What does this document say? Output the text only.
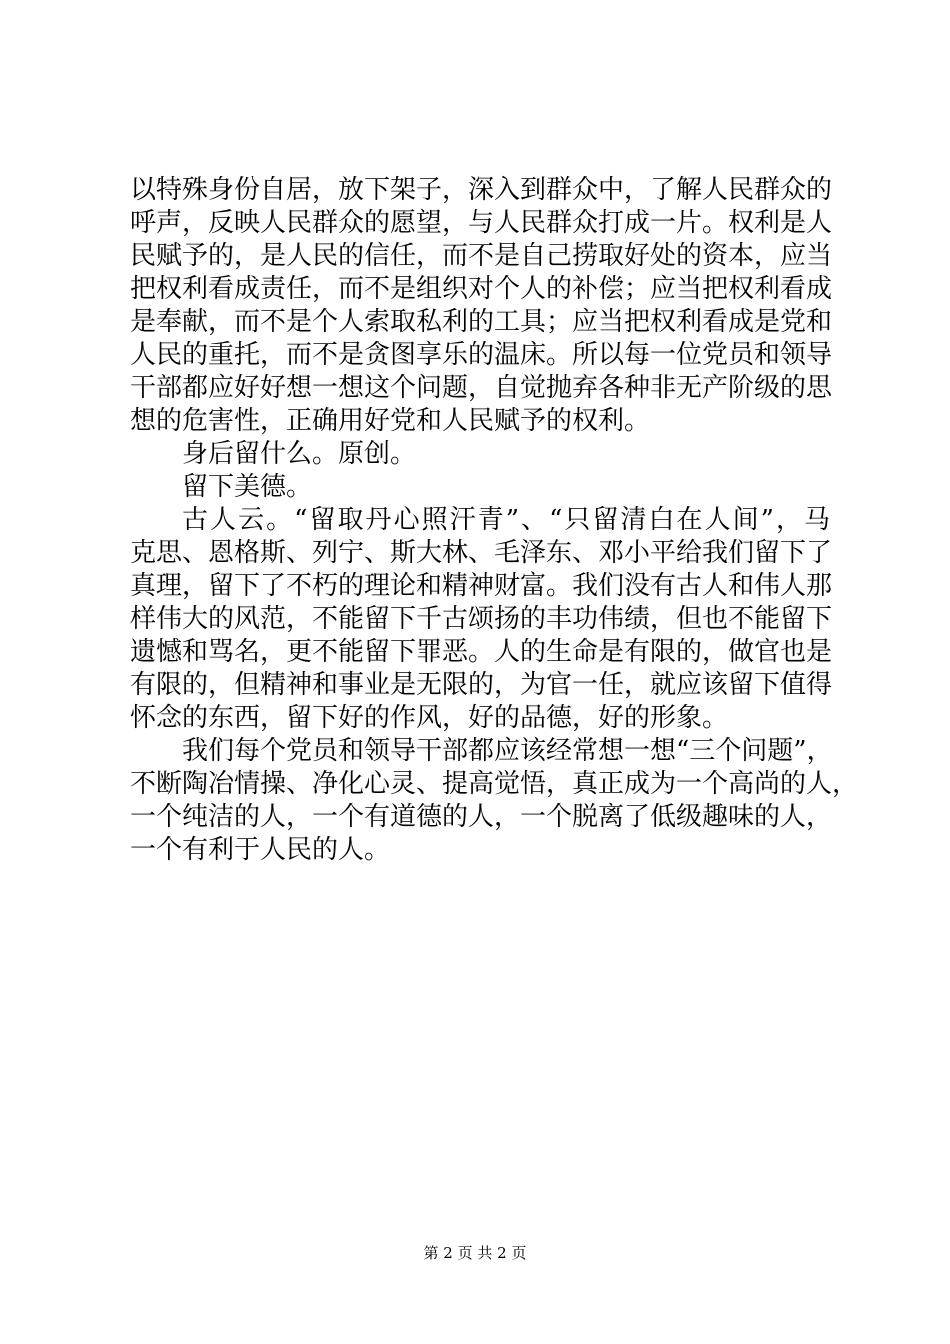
以特殊身份自居，放下架子，深入到群众中，了解人民群众的
呼声，反映人民群众的愿望，与人民群众打成一片。权利是人
民赋予的，是人民的信任，而不是自己捞取好处的资本，应当
把权利看成责任，而不是组织对个人的补偿；应当把权利看成
是奉献，而不是个人索取私利的工具；应当把权利看成是党和
人民的重托，而不是贪图享乐的温床。所以每一位党员和领导
干部都应好好想一想这个问题，自觉抛弃各种非无产阶级的思
想的危害性，正确用好党和人民赋予的权利。
身后留什么。原创。
留下美德。
古人云。“留取丹心照汗青”、“只留清白在人间”，马
克思、恩格斯、列宁、斯大林、毛泽东、邓小平给我们留下了
真理，留下了不朽的理论和精神财富。我们没有古人和伟人那
样伟大的风范，不能留下千古颂扬的丰功伟绩，但也不能留下
遗憾和骂名，更不能留下罪恶。人的生命是有限的，做官也是
有限的，但精神和事业是无限的，为官一任，就应该留下值得
怀念的东西，留下好的作风，好的品德，好的形象。
我们每个党员和领导干部都应该经常想一想“三个问题”，
不断陶冶情操、净化心灵、提高觉悟，真正成为一个高尚的人，
一个纯洁的人，一个有道德的人，一个脱离了低级趣味的人，
一个有利于人民的人。
第 2 页 共 2 页
